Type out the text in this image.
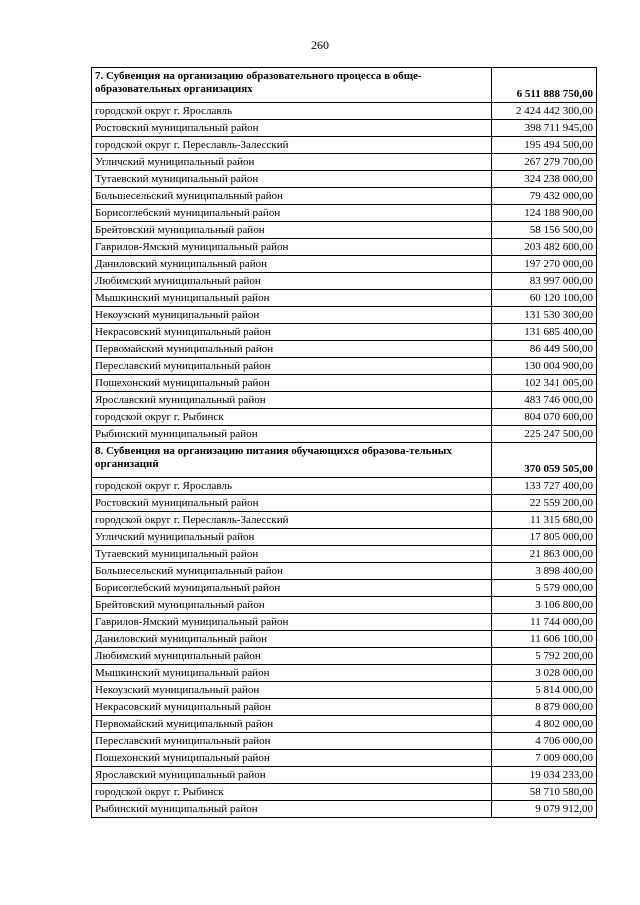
260
7. Субвенция на организацию образовательного процесса в обще-образовательных организациях	6 511 888 750,00
городской округ г. Ярославль	2 424 442 300,00
Ростовский муниципальный район	398 711 945,00
городской округ г. Переславль-Залесский	195 494 500,00
Угличский муниципальный район	267 279 700,00
Тутаевский муниципальный район	324 238 000,00
Большесельский муниципальный район	79 432 000,00
Борисоглебский муниципальный район	124 188 900,00
Брейтовский муниципальный район	58 156 500,00
Гаврилов-Ямский муниципальный район	203 482 600,00
Даниловский муниципальный район	197 270 000,00
Любимский муниципальный район	83 997 000,00
Мышкинский муниципальный район	60 120 100,00
Некоузский муниципальный район	131 530 300,00
Некрасовский муниципальный район	131 685 400,00
Первомайский муниципальный район	86 449 500,00
Переславский муниципальный район	130 004 900,00
Пошехонский муниципальный район	102 341 005,00
Ярославский муниципальный район	483 746 000,00
городской округ г. Рыбинск	804 070 600,00
Рыбинский муниципальный район	225 247 500,00
8. Субвенция на организацию питания обучающихся образова-тельных организаций	370 059 505,00
городской округ г. Ярославль	133 727 400,00
Ростовский муниципальный район	22 559 200,00
городской округ г. Переславль-Залесский	11 315 680,00
Угличский муниципальный район	17 805 000,00
Тутаевский муниципальный район	21 863 000,00
Большесельский муниципальный район	3 898 400,00
Борисоглебский муниципальный район	5 579 000,00
Брейтовский муниципальный район	3 106 800,00
Гаврилов-Ямский муниципальный район	11 744 000,00
Даниловский муниципальный район	11 606 100,00
Любимский муниципальный район	5 792 200,00
Мышкинский муниципальный район	3 028 000,00
Некоузский муниципальный район	5 814 000,00
Некрасовский муниципальный район	8 879 000,00
Первомайский муниципальный район	4 802 000,00
Переславский муниципальный район	4 706 000,00
Пошехонский муниципальный район	7 009 000,00
Ярославский муниципальный район	19 034 233,00
городской округ г. Рыбинск	58 710 580,00
Рыбинский муниципальный район	9 079 912,00
